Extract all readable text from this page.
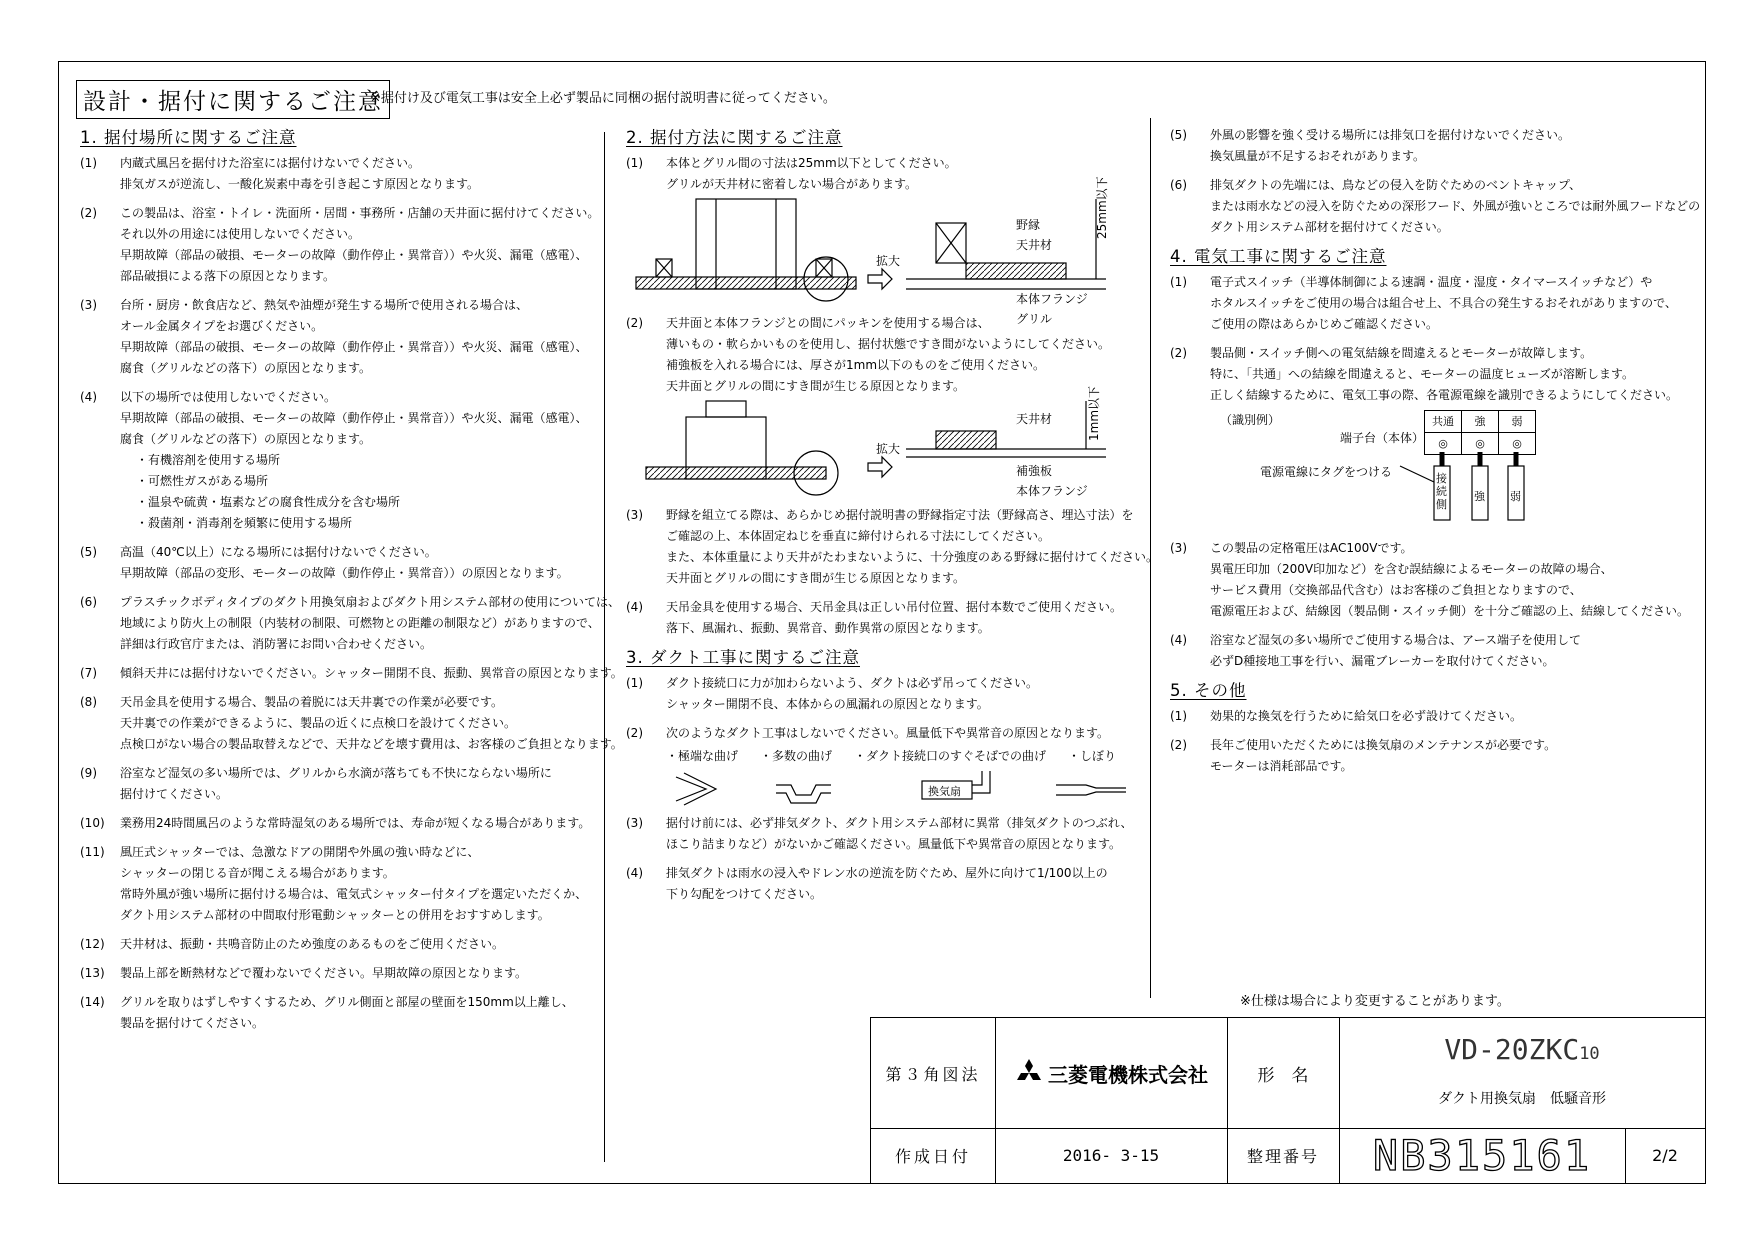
設計・据付に関するご注意
※据付け及び電気工事は安全上必ず製品に同梱の据付説明書に従ってください。
1. 据付場所に関するご注意
(1) 内蔵式風呂を据付けた浴室には据付けないでください。
排気ガスが逆流し、一酸化炭素中毒を引き起こす原因となります。
(2) この製品は、浴室・トイレ・洗面所・居間・事務所・店舗の天井面に据付けてください。
それ以外の用途には使用しないでください。
早期故障（部品の破損、モーターの故障（動作停止・異常音））や火災、漏電（感電）、
部品破損による落下の原因となります。
(3) 台所・厨房・飲食店など、熱気や油煙が発生する場所で使用される場合は、
オール金属タイプをお選びください。
早期故障（部品の破損、モーターの故障（動作停止・異常音））や火災、漏電（感電）、
腐食（グリルなどの落下）の原因となります。
(4) 以下の場所では使用しないでください。
早期故障（部品の破損、モーターの故障（動作停止・異常音））や火災、漏電（感電）、
腐食（グリルなどの落下）の原因となります。
・有機溶剤を使用する場所
・可燃性ガスがある場所
・温泉や硫黄・塩素などの腐食性成分を含む場所
・殺菌剤・消毒剤を頻繁に使用する場所
(5) 高温（40℃以上）になる場所には据付けないでください。
早期故障（部品の変形、モーターの故障（動作停止・異常音））の原因となります。
(6) プラスチックボディタイプのダクト用換気扇およびダクト用システム部材の使用については、
地域により防火上の制限（内装材の制限、可燃物との距離の制限など）がありますので、
詳細は行政官庁または、消防署にお問い合わせください。
(7) 傾斜天井には据付けないでください。シャッター開閉不良、振動、異常音の原因となります。
(8) 天吊金具を使用する場合、製品の着脱には天井裏での作業が必要です。
天井裏での作業ができるように、製品の近くに点検口を設けてください。
点検口がない場合の製品取替えなどで、天井などを壊す費用は、お客様のご負担となります。
(9) 浴室など湿気の多い場所では、グリルから水滴が落ちても不快にならない場所に
据付けてください。
(10) 業務用24時間風呂のような常時湿気のある場所では、寿命が短くなる場合があります。
(11) 風圧式シャッターでは、急激なドアの開閉や外風の強い時などに、
シャッターの閉じる音が聞こえる場合があります。
常時外風が強い場所に据付ける場合は、電気式シャッター付タイプを選定いただくか、
ダクト用システム部材の中間取付形電動シャッターとの併用をおすすめします。
(12) 天井材は、振動・共鳴音防止のため強度のあるものをご使用ください。
(13) 製品上部を断熱材などで覆わないでください。早期故障の原因となります。
(14) グリルを取りはずしやすくするため、グリル側面と部屋の壁面を150mm以上離し、
製品を据付けてください。
2. 据付方法に関するご注意
(1) 本体とグリル間の寸法は25mm以下としてください。
グリルが天井材に密着しない場合があります。
拡大
野縁
天井材
本体フランジ
グリル
25mm以下
(2) 天井面と本体フランジとの間にパッキンを使用する場合は、
薄いもの・軟らかいものを使用し、据付状態ですき間がないようにしてください。
補強板を入れる場合には、厚さが1mm以下のものをご使用ください。
天井面とグリルの間にすき間が生じる原因となります。
拡大
天井材
補強板
本体フランジ
1mm以下
(3) 野縁を組立てる際は、あらかじめ据付説明書の野縁指定寸法（野縁高さ、埋込寸法）を
ご確認の上、本体固定ねじを垂直に締付けられる寸法にしてください。
また、本体重量により天井がたわまないように、十分強度のある野縁に据付けてください。
天井面とグリルの間にすき間が生じる原因となります。
(4) 天吊金具を使用する場合、天吊金具は正しい吊付位置、据付本数でご使用ください。
落下、風漏れ、振動、異常音、動作異常の原因となります。
3. ダクト工事に関するご注意
(1) ダクト接続口に力が加わらないよう、ダクトは必ず吊ってください。
シャッター開閉不良、本体からの風漏れの原因となります。
(2) 次のようなダクト工事はしないでください。風量低下や異常音の原因となります。
・極端な曲げ ・多数の曲げ ・ダクト接続口のすぐそばでの曲げ ・しぼり
換気扇
(3) 据付け前には、必ず排気ダクト、ダクト用システム部材に異常（排気ダクトのつぶれ、
ほこり詰まりなど）がないかご確認ください。風量低下や異常音の原因となります。
(4) 排気ダクトは雨水の浸入やドレン水の逆流を防ぐため、屋外に向けて1/100以上の
下り勾配をつけてください。
(5) 外風の影響を強く受ける場所には排気口を据付けないでください。
換気風量が不足するおそれがあります。
(6) 排気ダクトの先端には、鳥などの侵入を防ぐためのベントキャップ、
または雨水などの浸入を防ぐための深形フード、外風が強いところでは耐外風フードなどの
ダクト用システム部材を据付けてください。
4. 電気工事に関するご注意
(1) 電子式スイッチ（半導体制御による速調・温度・湿度・タイマースイッチなど）や
ホタルスイッチをご使用の場合は組合せ上、不具合の発生するおそれがありますので、
ご使用の際はあらかじめご確認ください。
(2) 製品側・スイッチ側への電気結線を間違えるとモーターが故障します。
特に、「共通」への結線を間違えると、モーターの温度ヒューズが溶断します。
正しく結線するために、電気工事の際、各電源電線を識別できるようにしてください。
（識別例）
端子台（本体）
共通	強	弱
◎	◎	◎
電源電線にタグをつける	接続側
強 弱
(3) この製品の定格電圧はAC100Vです。
異電圧印加（200V印加など）を含む誤結線によるモーターの故障の場合、
サービス費用（交換部品代含む）はお客様のご負担となりますので、
電源電圧および、結線図（製品側・スイッチ側）を十分ご確認の上、結線してください。
(4) 浴室など湿気の多い場所でご使用する場合は、アース端子を使用して
必ずD種接地工事を行い、漏電ブレーカーを取付けてください。
5. その他
(1) 効果的な換気を行うために給気口を必ず設けてください。
(2) 長年ご使用いただくためには換気扇のメンテナンスが必要です。
モーターは消耗部品です。
※仕様は場合により変更することがあります。
第３角図法	三菱電機株式会社	形　名
VD-20ZKC 10
ダクト用換気扇　低騒音形
作成日付	2016- 3-15	整理番号	NB315161	2/2
